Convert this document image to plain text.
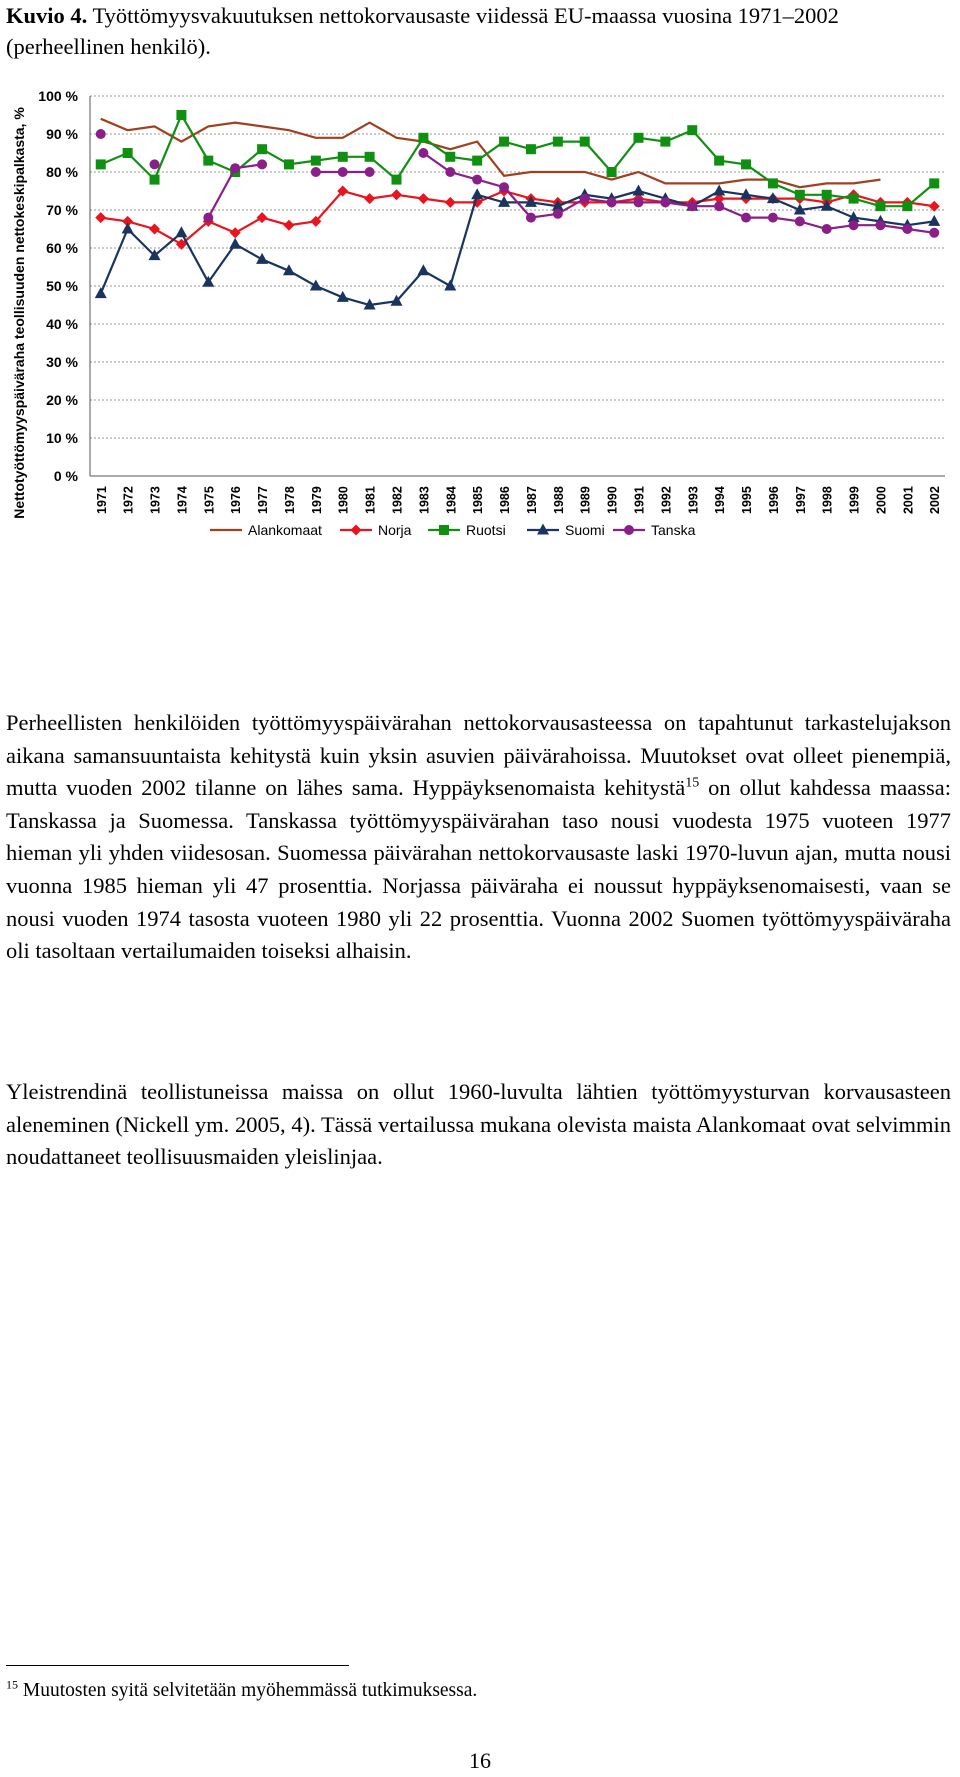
Kuvio 4. Työttömyysvakuutuksen nettokorvausaste viidessä EU-maassa vuosina 1971–2002 (perheellinen henkilö).
0 %
10 %
20 %
30 %
40 %
50 %
60 %
70 %
80 %
90 %
100 %
1971 1972 1973 1974 1975 1976 1977 1978 1979 1980 1981 1982 1983 1984 1985 1986 1987 1988 1989 1990 1991 1992 1993 1994 1995 1996 1997 1998 1999 2000 2001 2002
Nettotyöttömyyspäiväraha teollisuuden nettokeskipalkasta, %
Alankomaat	Norja	Ruotsi	Suomi	Tanska
Perheellisten henkilöiden työttömyyspäivärahan nettokorvausasteessa on tapahtunut tarkastelujakson aikana samansuuntaista kehitystä kuin yksin asuvien päivärahoissa. Muutokset ovat olleet pienempiä, mutta vuoden 2002 tilanne on lähes sama. Hyppäyksenomaista kehitystä$^{15}$ on ollut kahdessa maassa: Tanskassa ja Suomessa. Tanskassa työttömyyspäivärahan taso nousi vuodesta 1975 vuoteen 1977 hieman yli yhden viidesosan. Suomessa päivärahan nettokorvausaste laski 1970-luvun ajan, mutta nousi vuonna 1985 hieman yli 47 prosenttia. Norjassa päiväraha ei noussut hyppäyksenomaisesti, vaan se nousi vuoden 1974 tasosta vuoteen 1980 yli 22 prosenttia. Vuonna 2002 Suomen työttömyyspäiväraha oli tasoltaan vertailumaiden toiseksi alhaisin.
Yleistrendinä teollistuneissa maissa on ollut 1960-luvulta lähtien työttömyysturvan korvausasteen aleneminen (Nickell ym. 2005, 4). Tässä vertailussa mukana olevista maista Alankomaat ovat selvimmin noudattaneet teollisuusmaiden yleislinjaa.
$^{15}$ Muutosten syitä selvitetään myöhemmässä tutkimuksessa.
16
